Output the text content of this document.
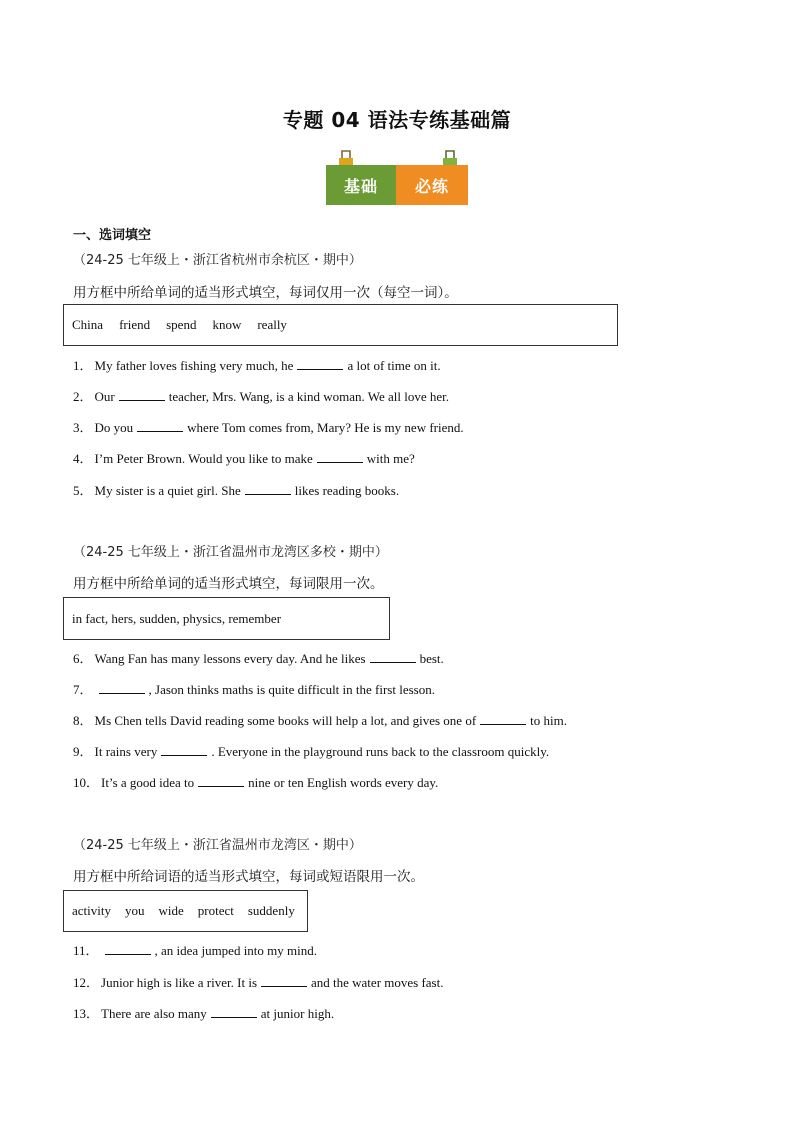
专题 04 语法专练基础篇
基础	必练
一、选词填空
（24-25 七年级上・浙江省杭州市余杭区・期中）
用方框中所给单词的适当形式填空，每词仅用一次（每空一词）。
China friend spend know really
1． My father loves fishing very much, he	a lot of time on it.
2． Our	teacher, Mrs. Wang, is a kind woman. We all love her.
3． Do you	where Tom comes from, Mary? He is my new friend.
4． I’m Peter Brown. Would you like to make	with me?
5． My sister is a quiet girl. She	likes reading books.
（24-25 七年级上・浙江省温州市龙湾区多校・期中）
用方框中所给单词的适当形式填空，每词限用一次。
in fact, hers, sudden, physics, remember
6． Wang Fan has many lessons every day. And he likes	best.
7．	, Jason thinks maths is quite difficult in the first lesson.
8． Ms Chen tells David reading some books will help a lot, and gives one of	to him.
9． It rains very	. Everyone in the playground runs back to the classroom quickly.
10． It’s a good idea to	nine or ten English words every day.
（24-25 七年级上・浙江省温州市龙湾区・期中）
用方框中所给词语的适当形式填空，每词或短语限用一次。
activity you wide protect suddenly
11．	, an idea jumped into my mind.
12． Junior high is like a river. It is	and the water moves fast.
13． There are also many	at junior high.
